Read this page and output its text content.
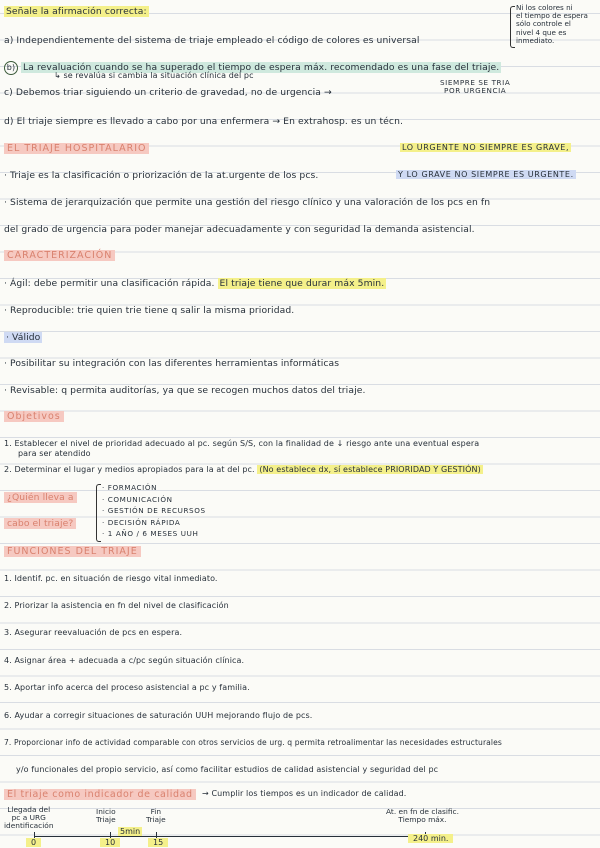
Señale la afirmación correcta:	Ni los colores ni
el tiempo de espera
sólo controle el
nivel 4 que es
inmediato.
a) Independientemente del sistema de triaje empleado el código de colores es universal
b) La revaluación cuando se ha superado el tiempo de espera máx. recomendado es una fase del triaje.
↳ se revalúa si cambia la situación clínica del pc
c) Debemos triar siguiendo un criterio de gravedad, no de urgencia →
SIEMPRE SE TRIA
POR URGENCIA
d) El triaje siempre es llevado a cabo por una enfermera → En extrahosp. es un técn.
EL TRIAJE HOSPITALARIO	LO URGENTE NO SIEMPRE ES GRAVE,
· Triaje es la clasificación o priorización de la at.urgente de los pcs.	Y LO GRAVE NO SIEMPRE ES URGENTE.
· Sistema de jerarquización que permite una gestión del riesgo clínico y una valoración de los pcs en fn
del grado de urgencia para poder manejar adecuadamente y con seguridad la demanda asistencial.
CARACTERIZACIÓN
· Ágil: debe permitir una clasificación rápida. El triaje tiene que durar máx 5min.
· Reproducible: trie quien trie tiene q salir la misma prioridad.
· Válido
· Posibilitar su integración con las diferentes herramientas informáticas
· Revisable: q permita auditorías, ya que se recogen muchos datos del triaje.
Objetivos
1. Establecer el nivel de prioridad adecuado al pc. según S/S, con la finalidad de ↓ riesgo ante una eventual espera
para ser atendido
2. Determinar el lugar y medios apropiados para la at del pc. (No establece dx, sí establece PRIORIDAD Y GESTIÓN)
¿Quién lleva a
cabo el triaje?
· FORMACIÓN
· COMUNICACIÓN
· GESTIÓN DE RECURSOS
· DECISIÓN RÁPIDA
· 1 AÑO / 6 MESES UUH
FUNCIONES DEL TRIAJE
1. Identif. pc. en situación de riesgo vital inmediato.
2. Priorizar la asistencia en fn del nivel de clasificación
3. Asegurar reevaluación de pcs en espera.
4. Asignar área + adecuada a c/pc según situación clínica.
5. Aportar info acerca del proceso asistencial a pc y familia.
6. Ayudar a corregir situaciones de saturación UUH mejorando flujo de pcs.
7. Proporcionar info de actividad comparable con otros servicios de urg. q permita retroalimentar las necesidades estructurales
y/o funcionales del propio servicio, así como facilitar estudios de calidad asistencial y seguridad del pc
El triaje como indicador de calidad	→ Cumplir los tiempos es un indicador de calidad.
Llegada del
pc a URG
identificación
Inicio
Triaje
Fin
Triaje
At. en fn de clasific.
Tiempo máx.
5min
0	10	15	240 min.
